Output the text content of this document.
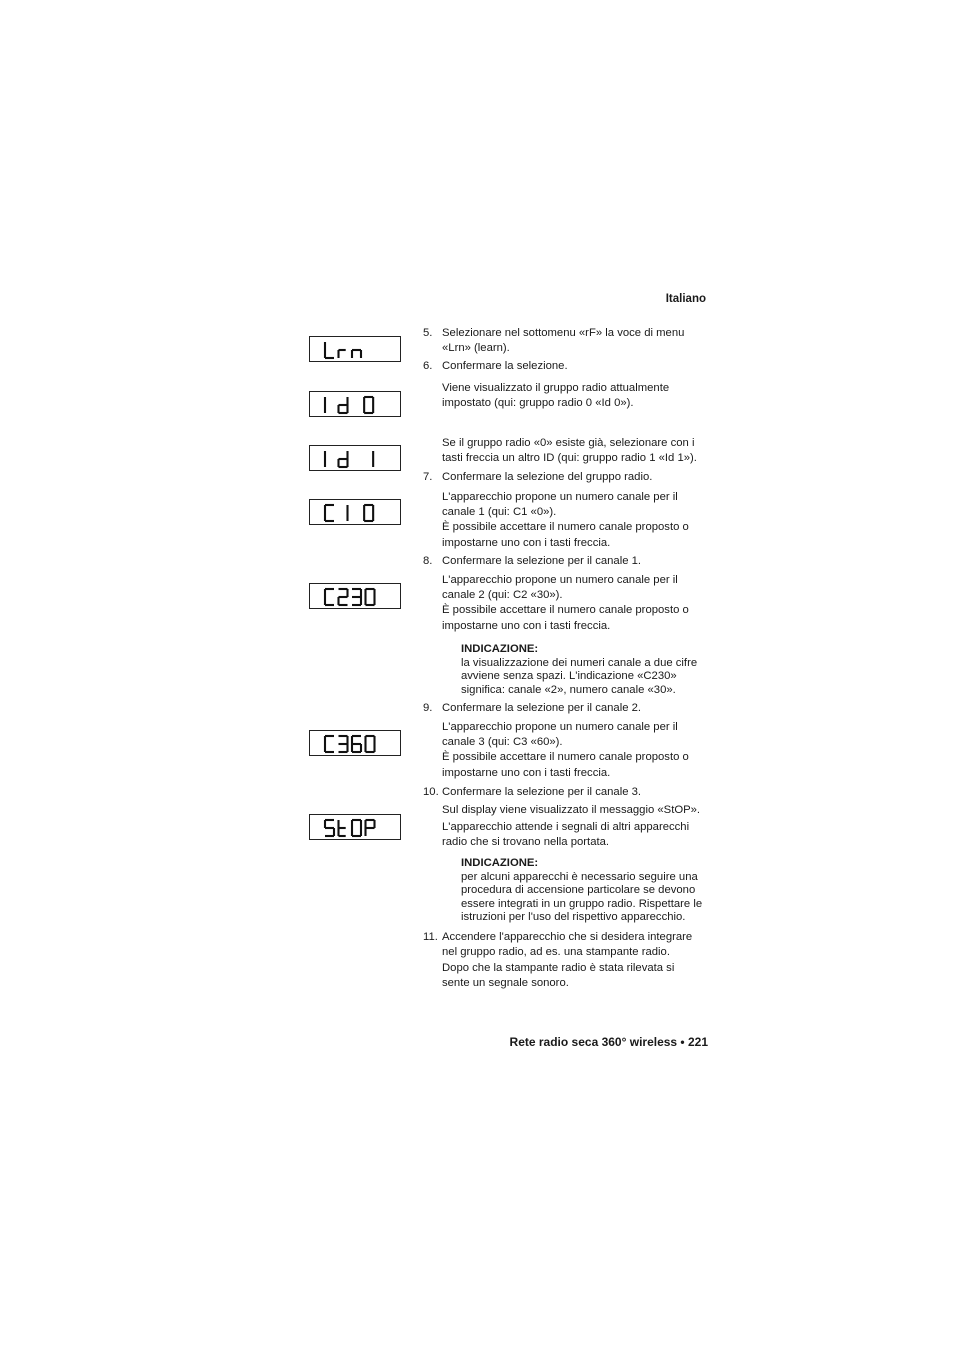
Italiano
5. Selezionare nel sottomenu «rF» la voce di menu
«Lrn» (learn).
6. Confermare la selezione.
Viene visualizzato il gruppo radio attualmente
impostato (qui: gruppo radio 0 «Id 0»).
Se il gruppo radio «0» esiste già, selezionare con i
tasti freccia un altro ID (qui: gruppo radio 1 «Id 1»).
7. Confermare la selezione del gruppo radio.
L'apparecchio propone un numero canale per il
canale 1 (qui: C1 «0»).
È possibile accettare il numero canale proposto o
impostarne uno con i tasti freccia.
8. Confermare la selezione per il canale 1.
L'apparecchio propone un numero canale per il
canale 2 (qui: C2 «30»).
È possibile accettare il numero canale proposto o
impostarne uno con i tasti freccia.
INDICAZIONE:
la visualizzazione dei numeri canale a due cifre
avviene senza spazi. L'indicazione «C230»
significa: canale «2», numero canale «30».
9. Confermare la selezione per il canale 2.
L'apparecchio propone un numero canale per il
canale 3 (qui: C3 «60»).
È possibile accettare il numero canale proposto o
impostarne uno con i tasti freccia.
10. Confermare la selezione per il canale 3.
Sul display viene visualizzato il messaggio «StOP».
L'apparecchio attende i segnali di altri apparecchi
radio che si trovano nella portata.
INDICAZIONE:
per alcuni apparecchi è necessario seguire una
procedura di accensione particolare se devono
essere integrati in un gruppo radio. Rispettare le
istruzioni per l'uso del rispettivo apparecchio.
11. Accendere l'apparecchio che si desidera integrare
nel gruppo radio, ad es. una stampante radio.
Dopo che la stampante radio è stata rilevata si
sente un segnale sonoro.
Rete radio seca 360° wireless • 221
